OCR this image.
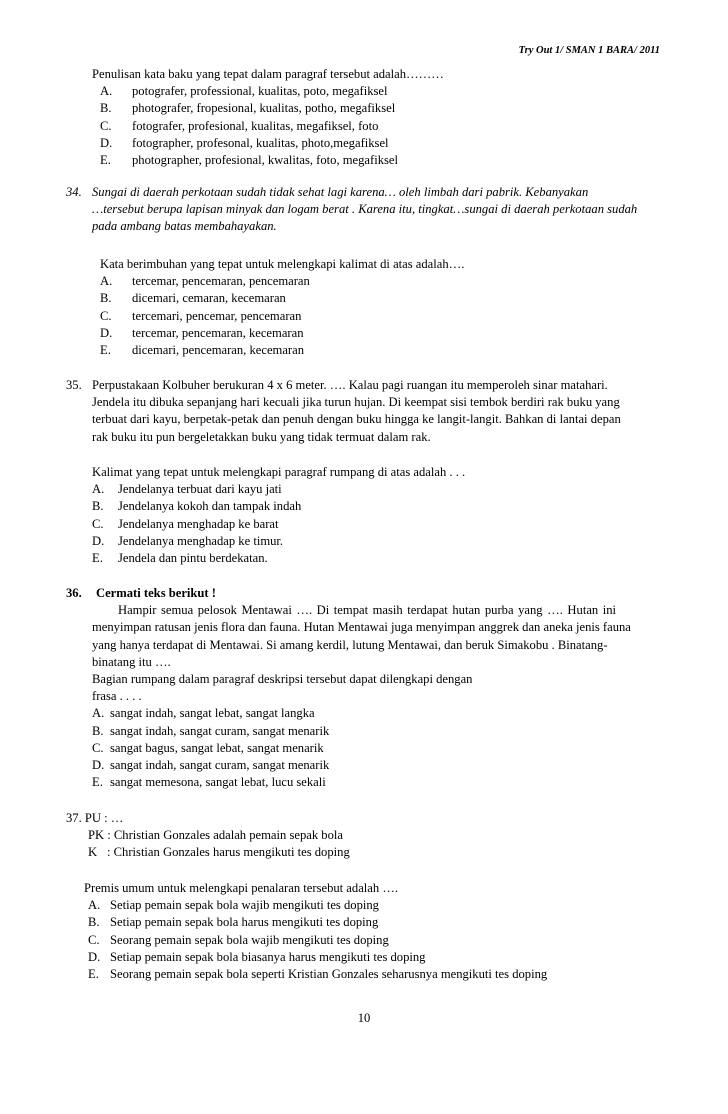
Try Out 1/ SMAN 1 BARA/ 2011
Penulisan kata baku yang tepat dalam paragraf tersebut adalah………
A. potografer, professional, kualitas, poto, megafiksel
B. photografer, fropesional, kualitas, potho, megafiksel
C. fotografer, profesional, kualitas, megafiksel, foto
D. fotographer, profesonal, kualitas, photo,megafiksel
E. photographer, profesional, kwalitas, foto, megafiksel
34. Sungai di daerah perkotaan sudah tidak sehat lagi karena… oleh limbah dari pabrik. Kebanyakan
…tersebut berupa lapisan minyak dan logam berat . Karena itu, tingkat…sungai di daerah perkotaan sudah
pada ambang batas membahayakan.
Kata berimbuhan yang tepat untuk melengkapi kalimat di atas adalah….
A. tercemar, pencemaran, pencemaran
B. dicemari, cemaran, kecemaran
C. tercemari, pencemar, pencemaran
D. tercemar, pencemaran, kecemaran
E. dicemari, pencemaran, kecemaran
35. Perpustakaan Kolbuher berukuran 4 x 6 meter. …. Kalau pagi ruangan itu memperoleh sinar matahari.
Jendela itu dibuka sepanjang hari kecuali jika turun hujan. Di keempat sisi tembok berdiri rak buku yang
terbuat dari kayu, berpetak-petak dan penuh dengan buku hingga ke langit-langit. Bahkan di lantai depan
rak buku itu pun bergeletakkan buku yang tidak termuat dalam rak.
Kalimat yang tepat untuk melengkapi paragraf rumpang di atas adalah . . .
A. Jendelanya terbuat dari kayu jati
B. Jendelanya kokoh dan tampak indah
C. Jendelanya menghadap ke barat
D. Jendelanya menghadap ke timur.
E. Jendela dan pintu berdekatan.
36. Cermati teks berikut !
Hampir semua pelosok Mentawai …. Di tempat masih terdapat hutan purba yang …. Hutan ini
menyimpan ratusan jenis flora dan fauna. Hutan Mentawai juga menyimpan anggrek dan aneka jenis fauna
yang hanya terdapat di Mentawai. Si amang kerdil, lutung Mentawai, dan beruk Simakobu . Binatang-
binatang itu ….
Bagian rumpang dalam paragraf deskripsi tersebut dapat dilengkapi dengan
frasa . . . .
A. sangat indah, sangat lebat, sangat langka
B. sangat indah, sangat curam, sangat menarik
C. sangat bagus, sangat lebat, sangat menarik
D. sangat indah, sangat curam, sangat menarik
E. sangat memesona, sangat lebat, lucu sekali
37. PU : …
PK : Christian Gonzales adalah pemain sepak bola
K : Christian Gonzales harus mengikuti tes doping
Premis umum untuk melengkapi penalaran tersebut adalah ….
A. Setiap pemain sepak bola wajib mengikuti tes doping
B. Setiap pemain sepak bola harus mengikuti tes doping
C. Seorang pemain sepak bola wajib mengikuti tes doping
D. Setiap pemain sepak bola biasanya harus mengikuti tes doping
E. Seorang pemain sepak bola seperti Kristian Gonzales seharusnya mengikuti tes doping
10
